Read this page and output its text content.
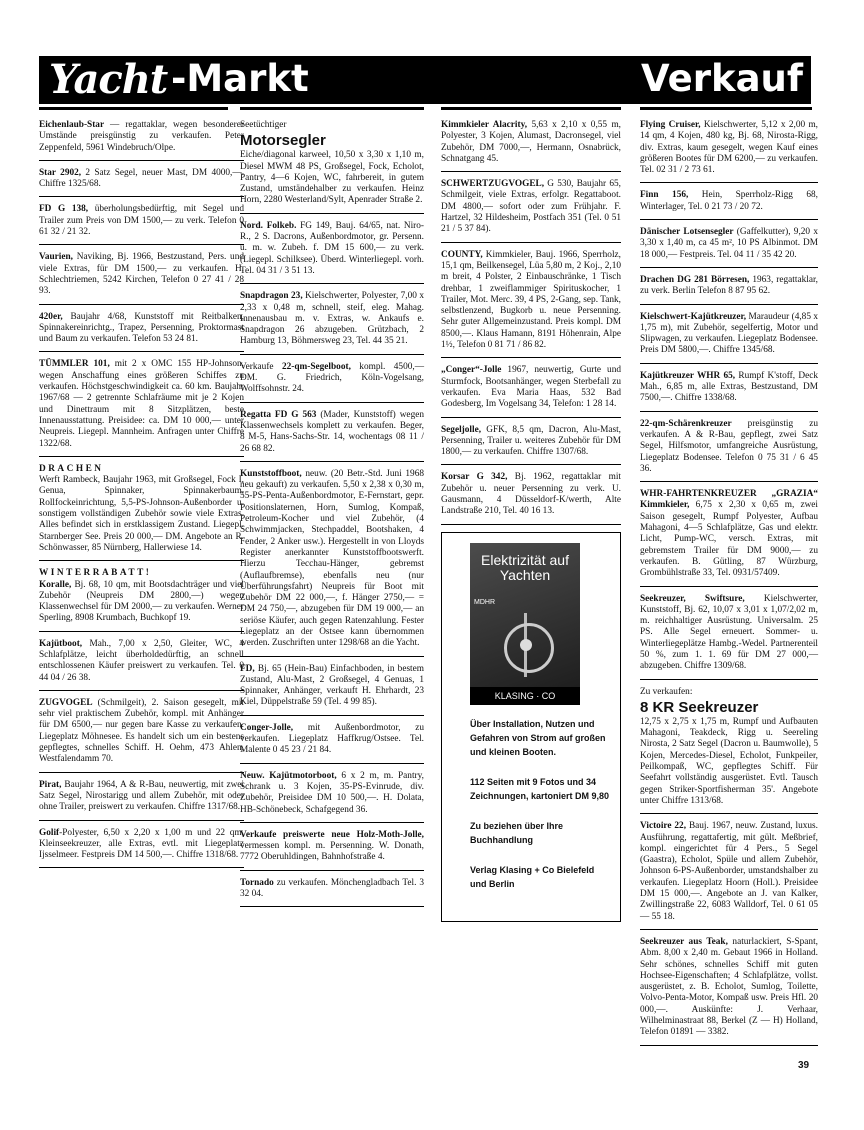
Yacht -Markt	Verkauf
Eichenlaub-Star — regattaklar, wegen besonderer Umstände preisgünstig zu verkaufen. Peter Zeppenfeld, 5961 Windebruch/Olpe.
Star 2902, 2 Satz Segel, neuer Mast, DM 4000,—. Chiffre 1325/68.
FD G 138, überholungsbedürftig, mit Segel und Trailer zum Preis von DM 1500,— zu verk. Telefon 0 61 32 / 21 32.
Vaurien, Naviking, Bj. 1966, Bestzustand, Pers. und viele Extras, für DM 1500,— zu verkaufen. H. Schlechtriemen, 5242 Kirchen, Telefon 0 27 41 / 28 93.
420er, Baujahr 4/68, Kunststoff mit Reitbalken, Spinnakereinrichtg., Trapez, Persenning, Proktormast und Baum zu verkaufen. Telefon 53 24 81.
TÜMMLER 101, mit 2 x OMC 155 HP-Johnson, wegen Anschaffung eines größeren Schiffes zu verkaufen. Höchstgeschwindigkeit ca. 60 km. Baujahr 1967/68 — 2 getrennte Schlafräume mit je 2 Kojen und Dinettraum mit 8 Sitzplätzen, beste Innenausstattung. Preisidee: ca. DM 10 000,— unter Neupreis. Liegepl. Mannheim. Anfragen unter Chiffre 1322/68.
DRACHEN
Werft Rambeck, Baujahr 1963, mit Großsegel, Fock I, Genua, Spinnaker, Spinnakerbaum, Rollfockeinrichtung, 5,5-PS-Johnson-Außenborder u. sonstigem vollständigen Zubehör sowie viele Extras. Alles befindet sich in erstklassigem Zustand. Liegepl. Starnberger See. Preis 20 000,— DM. Angebote an R. Schönwasser, 85 Nürnberg, Hallerwiese 14.
WINTERRABATT!
Koralle, Bj. 68, 10 qm, mit Bootsdachträger und viel Zubehör (Neupreis DM 2800,—) wegen Klassenwechsel für DM 2000,— zu verkaufen. Werner Sperling, 8908 Krumbach, Buchkopf 19.
Kajütboot, Mah., 7,00 x 2,50, Gleiter, WC, 4 Schlafplätze, leicht überholdedürftig, an schnell entschlossenen Käufer preiswert zu verkaufen. Tel. 0 44 04 / 26 38.
ZUGVOGEL (Schmilgeit), 2. Saison gesegelt, mit sehr viel praktischem Zubehör, kompl. mit Anhänger für DM 6500,— nur gegen bare Kasse zu verkaufen. Liegeplatz Möhnesee. Es handelt sich um ein bestens gepflegtes, schnelles Schiff. H. Oehm, 473 Ahlen, Westfalendamm 70.
Pirat, Baujahr 1964, A & R-Bau, neuwertig, mit zwei Satz Segel, Nirostarigg und allem Zubehör, mit oder ohne Trailer, preiswert zu verkaufen. Chiffre 1317/68.
Golif-Polyester, 6,50 x 2,20 x 1,00 m und 22 qm, Kleinseekreuzer, alle Extras, evtl. mit Liegeplatz Ijsselmeer. Festpreis DM 14 500,—. Chiffre 1318/68.
Seetüchtiger
Motorsegler
Eiche/diagonal karweel, 10,50 x 3,30 x 1,10 m, Diesel MWM 48 PS, Großsegel, Fock, Echolot, Pantry, 4—6 Kojen, WC, fahrbereit, in gutem Zustand, umständehalber zu verkaufen. Heinz Horn, 2280 Westerland/Sylt, Apenrader Straße 2.
Nord. Folkeb. FG 149, Bauj. 64/65, nat. Niro-R., 2 S. Dacrons, Außenbordmotor, gr. Persenn. u. m. w. Zubeh. f. DM 15 600,— zu verk. (Liegepl. Schilksee). Überd. Winterliegepl. vorh. Tel. 04 31 / 3 51 13.
Snapdragon 23, Kielschwerter, Polyester, 7,00 x 2,33 x 0,48 m, schnell, steif, eleg. Mahag. Innenausbau m. v. Extras, w. Ankaufs e. Snapdragon 26 abzugeben. Grützbach, 2 Hamburg 13, Böhmersweg 23, Tel. 44 35 21.
Verkaufe 22-qm-Segelboot, kompl. 4500,— DM. G. Friedrich, Köln-Vogelsang, Wolffsohnstr. 24.
Regatta FD G 563 (Mader, Kunststoff) wegen Klassenwechsels komplett zu verkaufen. Beger, 8 M-5, Hans-Sachs-Str. 14, wochentags 08 11 / 26 68 82.
Kunststoffboot, neuw. (20 Betr.-Std. Juni 1968 neu gekauft) zu verkaufen. 5,50 x 2,38 x 0,30 m, 55-PS-Penta-Außenbordmotor, E-Fernstart, gepr. Positionslaternen, Horn, Sumlog, Kompaß, Petroleum-Kocher und viel Zubehör, (4 Schwimmjacken, Stechpaddel, Bootshaken, 4 Fender, 2 Anker usw.). Hergestellt in von Lloyds Register anerkannter Kunststoffbootswerft. Hierzu Tecchau-Hänger, gebremst (Auflaufbremse), ebenfalls neu (nur Überführungsfahrt) Neupreis für Boot mit Zubehör DM 22 000,—, f. Hänger 2750,— = DM 24 750,—, abzugeben für DM 19 000,— an seriöse Käufer, auch gegen Ratenzahlung. Fester Liegeplatz an der Ostsee kann übernommen werden. Zuschriften unter 1298/68 an die Yacht.
FD, Bj. 65 (Hein-Bau) Einfachboden, in bestem Zustand, Alu-Mast, 2 Großsegel, 4 Genuas, 1 Spinnaker, Anhänger, verkauft H. Ehrhardt, 23 Kiel, Düppelstraße 59 (Tel. 4 99 85).
Conger-Jolle, mit Außenbordmotor, zu verkaufen. Liegeplatz Haffkrug/Ostsee. Tel. Malente 0 45 23 / 21 84.
Neuw. Kajütmotorboot, 6 x 2 m, m. Pantry, Schrank u. 3 Kojen, 35-PS-Evinrude, div. Zubehör, Preisidee DM 10 500,—. H. Dolata, HB-Schönebeck, Schafgegend 36.
Verkaufe preiswerte neue Holz-Moth-Jolle, vermessen kompl. m. Persenning. W. Donath, 7772 Oberuhldingen, Bahnhofstraße 4.
Tornado zu verkaufen. Mönchengladbach Tel. 3 32 04.
Kimmkieler Alacrity, 5,63 x 2,10 x 0,55 m, Polyester, 3 Kojen, Alumast, Dacronsegel, viel Zubehör, DM 7000,—, Hermann, Osnabrück, Schnatgang 45.
SCHWERTZUGVOGEL, G 530, Baujahr 65, Schmilgeit, viele Extras, erfolgr. Regattaboot. DM 4800,— sofort oder zum Frühjahr. F. Hartzel, 32 Hildesheim, Postfach 351 (Tel. 0 51 21 / 5 37 84).
COUNTY, Kimmkieler, Bauj. 1966, Sperrholz, 15,1 qm, Beilkensegel, Lüa 5,80 m, 2 Koj., 2,10 m breit, 4 Polster, 2 Einbauschränke, 1 Tisch drehbar, 1 zweiflammiger Spirituskocher, 1 Trailer, Mot. Merc. 39, 4 PS, 2-Gang, sep. Tank, selbstlenzend, Bugkorb u. neue Persenning. Sehr guter Allgemeinzustand. Preis kompl. DM 8500,—. Klaus Hamann, 8191 Höhenrain, Alpe 1½, Telefon 0 81 71 / 86 82.
„Conger“-Jolle 1967, neuwertig, Gurte und Sturmfock, Bootsanhänger, wegen Sterbefall zu verkaufen. Eva Maria Haas, 532 Bad Godesberg, Im Vogelsang 34, Telefon: 1 28 14.
Segeljolle, GFK, 8,5 qm, Dacron, Alu-Mast, Persenning, Trailer u. weiteres Zubehör für DM 1800,— zu verkaufen. Chiffre 1307/68.
Korsar G 342, Bj. 1962, regattaklar mit Zubehör u. neuer Persenning zu verk. U. Gausmann, 4 Düsseldorf-K/werth, Alte Landstraße 210, Tel. 40 16 13.
Elektrizität auf Yachten
MDHR
KLASING · CO

Über Installation, Nutzen und Gefahren von Strom auf großen und kleinen Booten.

112 Seiten mit 9 Fotos und 34 Zeichnungen, kartoniert DM 9,80

Zu beziehen über Ihre Buchhandlung

Verlag Klasing + Co Bielefeld und Berlin

Flying Cruiser, Kielschwerter, 5,12 x 2,00 m, 14 qm, 4 Kojen, 480 kg, Bj. 68, Nirosta-Rigg, div. Extras, kaum gesegelt, wegen Kauf eines größeren Bootes für DM 6200,— zu verkaufen. Tel. 02 31 / 2 73 61.
Finn 156, Hein, Sperrholz-Rigg 68, Winterlager, Tel. 0 21 73 / 20 72.
Dänischer Lotsensegler (Gaffelkutter), 9,20 x 3,30 x 1,40 m, ca 45 m², 10 PS Albinmot. DM 18 000,— Festpreis. Tel. 04 11 / 35 42 20.
Drachen DG 281 Börresen, 1963, regattaklar, zu verk. Berlin Telefon 8 87 95 62.
Kielschwert-Kajütkreuzer, Maraudeur (4,85 x 1,75 m), mit Zubehör, segelfertig, Motor und Slipwagen, zu verkaufen. Liegeplatz Bodensee. Preis DM 5800,—. Chiffre 1345/68.
Kajütkreuzer WHR 65, Rumpf K'stoff, Deck Mah., 6,85 m, alle Extras, Bestzustand, DM 7500,—. Chiffre 1338/68.
22-qm-Schärenkreuzer preisgünstig zu verkaufen. A & R-Bau, gepflegt, zwei Satz Segel, Hilfsmotor, umfangreiche Ausrüstung, Liegeplatz Bodensee. Telefon 0 75 31 / 6 45 36.
WHR-FAHRTENKREUZER „GRAZIA“ Kimmkieler, 6,75 x 2,30 x 0,65 m, zwei Saison gesegelt, Rumpf Polyester, Aufbau Mahagoni, 4—5 Schlafplätze, Gas und elektr. Licht, Pump-WC, versch. Extras, mit gebremstem Trailer für DM 9000,— zu verkaufen. B. Gütling, 87 Würzburg, Grombühlstraße 33, Tel. 0931/57409.
Seekreuzer, Swiftsure, Kielschwerter, Kunststoff, Bj. 62, 10,07 x 3,01 x 1,07/2,02 m, m. reichhaltiger Ausrüstung. Universalm. 25 PS. Alle Segel erneuert. Sommer- u. Winterliegeplätze Hambg.-Wedel. Partnerenteil 50 %, zum 1. 1. 69 für DM 27 000,— abzugeben. Chiffre 1309/68.
Zu verkaufen:
8 KR Seekreuzer
12,75 x 2,75 x 1,75 m, Rumpf und Aufbauten Mahagoni, Teakdeck, Rigg u. Seereling Nirosta, 2 Satz Segel (Dacron u. Baumwolle), 5 Kojen, Mercedes-Diesel, Echolot, Funkpeiler, Peilkompaß, WC, gepflegtes Schiff. Für Seefahrt vollständig ausgerüstet. Evtl. Tausch gegen Striker-Sportfisherman 35'. Angebote unter Chiffre 1313/68.
Victoire 22, Bauj. 1967, neuw. Zustand, luxus. Ausführung, regattafertig, mit gült. Meßbrief, kompl. eingerichtet für 4 Pers., 5 Segel (Gaastra), Echolot, Spüle und allem Zubehör, Johnson 6-PS-Außenborder, umstandshalber zu verkaufen. Liegeplatz Hoorn (Holl.). Preisidee DM 15 000,—. Angebote an J. van Kalker, Zwillingstraße 22, 6083 Walldorf, Tel. 0 61 05 — 55 18.
Seekreuzer aus Teak, naturlackiert, S-Spant, Abm. 8,00 x 2,40 m. Gebaut 1966 in Holland. Sehr schönes, schnelles Schiff mit guten Hochsee-Eigenschaften; 4 Schlafplätze, vollst. ausgerüstet, z. B. Echolot, Sumlog, Toilette, Volvo-Penta-Motor, Kompaß usw. Preis Hfl. 20 000,—. Auskünfte: J. Verhaar, Wilhelminastraat 88, Berkel (Z — H) Holland, Telefon 01891 — 3382.
39
